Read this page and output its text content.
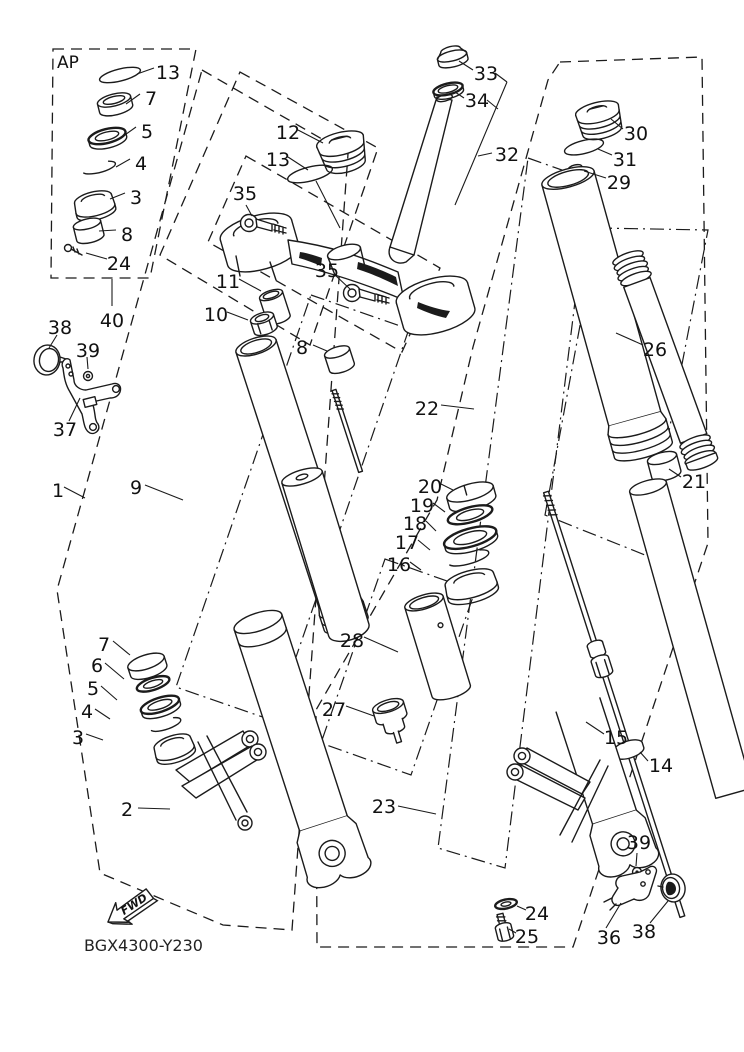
AP	13
7
5
4
3
8
24
40
12
13
35
35
33
34
32
30
31
29
26
22
21
20
19
18
17
16
28
27
11
10
8
38
39
37
1	9
7
6
5
4
3
2	23
15
14
24
25
39
36 38
FWD
BGX4300-Y230
